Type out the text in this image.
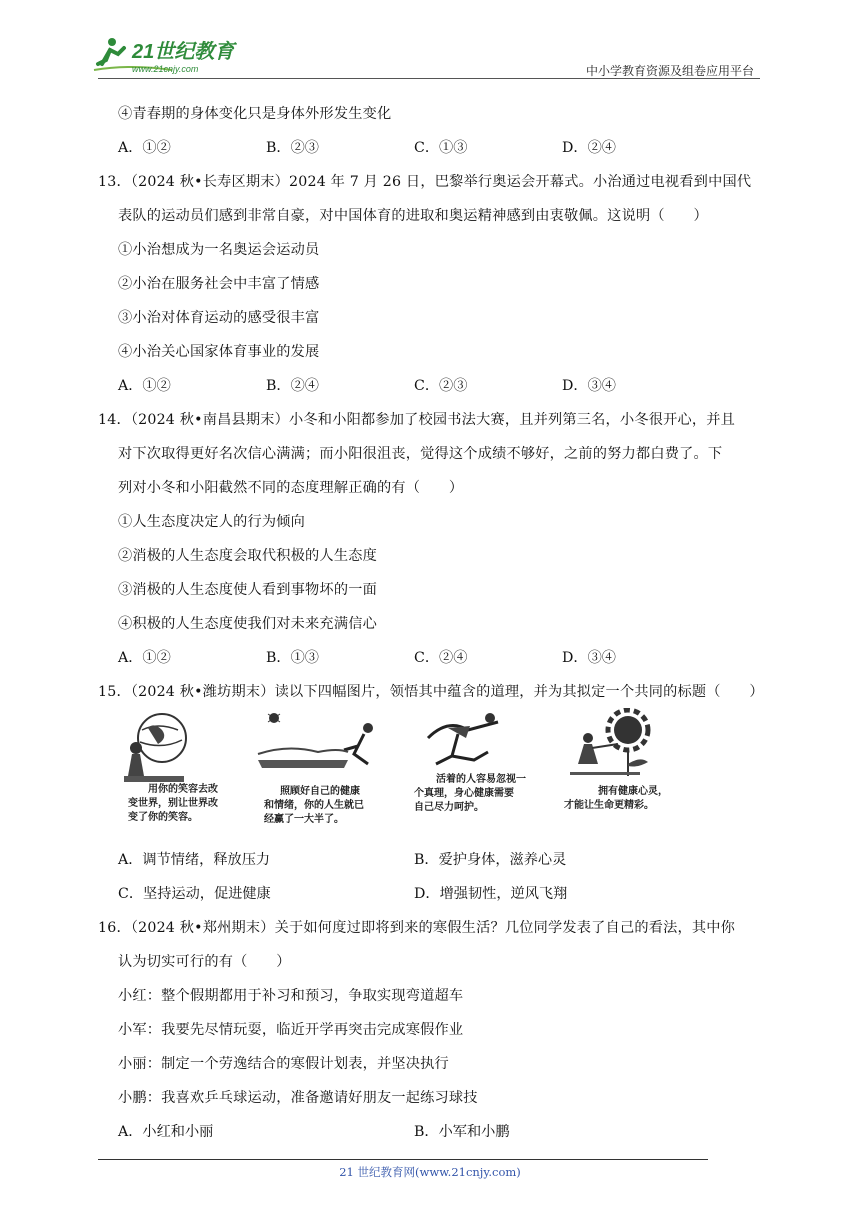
21世纪教育
www.21cnjy.com	中小学教育资源及组卷应用平台
④青春期的身体变化只是身体外形发生变化
A．①②	B．②③	C．①③	D．②④
13．（2024 秋•长寿区期末）2024 年 7 月 26 日，巴黎举行奥运会开幕式。小治通过电视看到中国代
表队的运动员们感到非常自豪，对中国体育的进取和奥运精神感到由衷敬佩。这说明（　　）
①小治想成为一名奥运会运动员
②小治在服务社会中丰富了情感
③小治对体育运动的感受很丰富
④小治关心国家体育事业的发展
A．①②	B．②④	C．②③	D．③④
14．（2024 秋•南昌县期末）小冬和小阳都参加了校园书法大赛，且并列第三名，小冬很开心，并且
对下次取得更好名次信心满满；而小阳很沮丧，觉得这个成绩不够好，之前的努力都白费了。下
列对小冬和小阳截然不同的态度理解正确的有（　　）
①人生态度决定人的行为倾向
②消极的人生态度会取代积极的人生态度
③消极的人生态度使人看到事物坏的一面
④积极的人生态度使我们对未来充满信心
A．①②	B．①③	C．②④	D．③④
15．（2024 秋•潍坊期末）读以下四幅图片，领悟其中蕴含的道理，并为其拟定一个共同的标题（　　）
用你的笑容去改
变世界，别让世界改
变了你的笑容。
照顾好自己的健康
和情绪，你的人生就已
经赢了一大半了。
活着的人容易忽视一
个真理，身心健康需要
自己尽力呵护。
拥有健康心灵，
才能让生命更精彩。
A．调节情绪，释放压力	B．爱护身体，滋养心灵
C．坚持运动，促进健康	D．增强韧性，逆风飞翔
16．（2024 秋•郑州期末）关于如何度过即将到来的寒假生活？几位同学发表了自己的看法，其中你
认为切实可行的有（　　）
小红：整个假期都用于补习和预习，争取实现弯道超车
小军：我要先尽情玩耍，临近开学再突击完成寒假作业
小丽：制定一个劳逸结合的寒假计划表，并坚决执行
小鹏：我喜欢乒乓球运动，准备邀请好朋友一起练习球技
A．小红和小丽	B．小军和小鹏
21 世纪教育网(www.21cnjy.com)
